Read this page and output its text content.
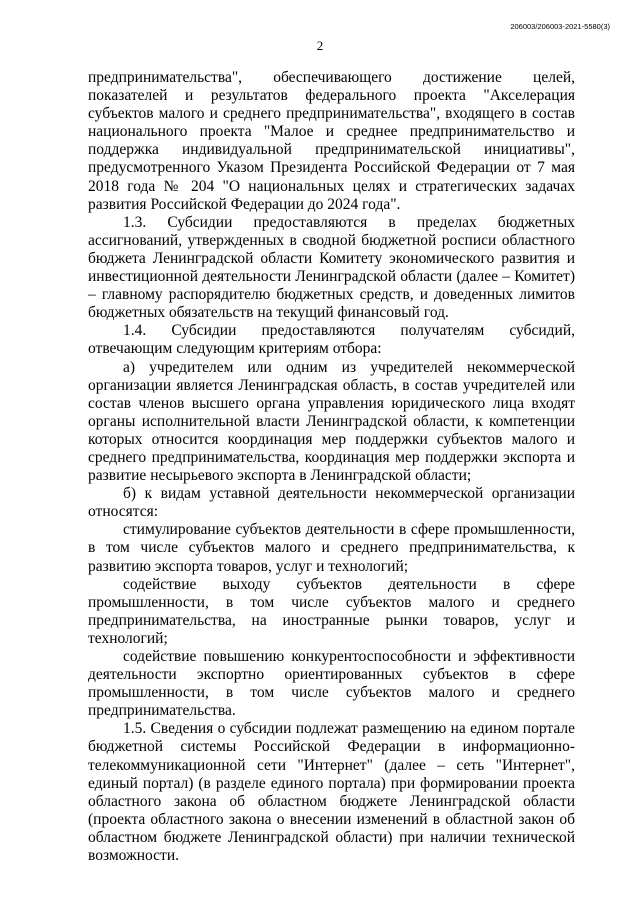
206003/206003-2021-5580(3)
2

предпринимательства", обеспечивающего достижение целей, показателей и результатов федерального проекта "Акселерация субъектов малого и среднего предпринимательства", входящего в состав национального проекта "Малое и среднее предпринимательство и поддержка индивидуальной предпринимательской инициативы", предусмотренного Указом Президента Российской Федерации от 7 мая 2018 года № 204 "О национальных целях и стратегических задачах развития Российской Федерации до 2024 года".

1.3. Субсидии предоставляются в пределах бюджетных ассигнований, утвержденных в сводной бюджетной росписи областного бюджета Ленинградской области Комитету экономического развития и инвестиционной деятельности Ленинградской области (далее – Комитет) – главному распорядителю бюджетных средств, и доведенных лимитов бюджетных обязательств на текущий финансовый год.

1.4. Субсидии предоставляются получателям субсидий, отвечающим следующим критериям отбора:

а) учредителем или одним из учредителей некоммерческой организации является Ленинградская область, в состав учредителей или состав членов высшего органа управления юридического лица входят органы исполнительной власти Ленинградской области, к компетенции которых относится координация мер поддержки субъектов малого и среднего предпринимательства, координация мер поддержки экспорта и развитие несырьевого экспорта в Ленинградской области;

б) к видам уставной деятельности некоммерческой организации относятся:

стимулирование субъектов деятельности в сфере промышленности, в том числе субъектов малого и среднего предпринимательства, к развитию экспорта товаров, услуг и технологий;

содействие выходу субъектов деятельности в сфере промышленности, в том числе субъектов малого и среднего предпринимательства, на иностранные рынки товаров, услуг и технологий;

содействие повышению конкурентоспособности и эффективности деятельности экспортно ориентированных субъектов в сфере промышленности, в том числе субъектов малого и среднего предпринимательства.

1.5. Сведения о субсидии подлежат размещению на едином портале бюджетной системы Российской Федерации в информационно-телекоммуникационной сети "Интернет" (далее – сеть "Интернет", единый портал) (в разделе единого портала) при формировании проекта областного закона об областном бюджете Ленинградской области (проекта областного закона о внесении изменений в областной закон об областном бюджете Ленинградской области) при наличии технической возможности.
